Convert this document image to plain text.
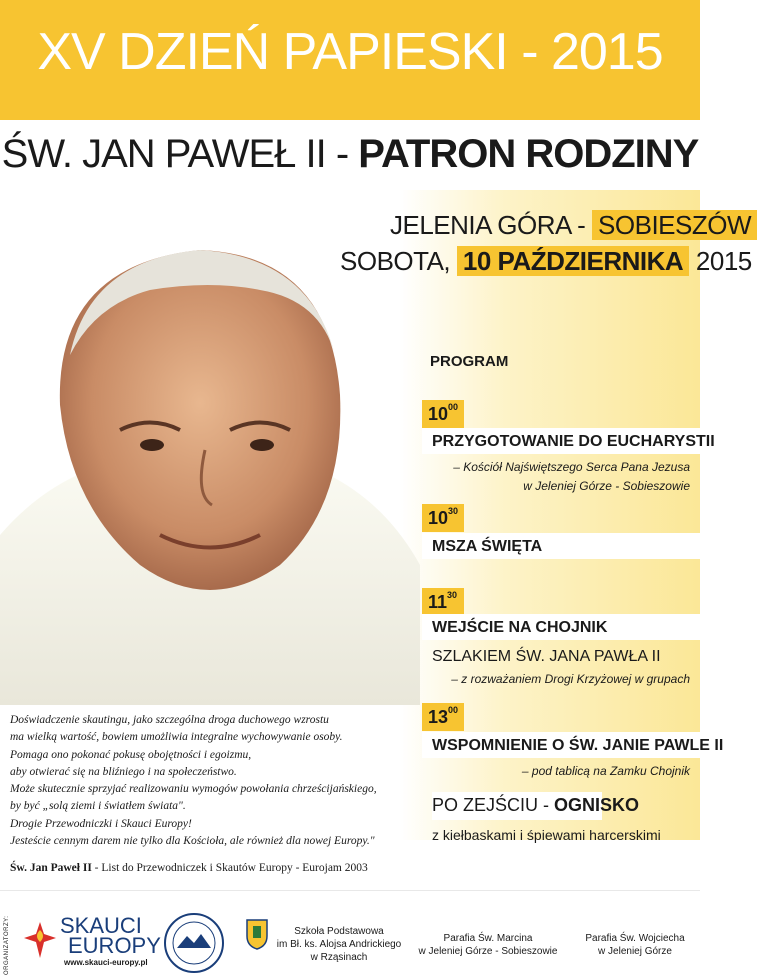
XV DZIEŃ PAPIESKI - 2015
ŚW. JAN PAWEŁ II - PATRON RODZINY
JELENIA GÓRA - SOBIESZÓW
SOBOTA, 10 PAŹDZIERNIKA 2015
PROGRAM
$10^{00}$
PRZYGOTOWANIE DO EUCHARYSTII
– Kościół Najświętszego Serca Pana Jezusa
w Jeleniej Górze - Sobieszowie
$10^{30}$
MSZA ŚWIĘTA
$11^{30}$
WEJŚCIE NA CHOJNIK
SZLAKIEM ŚW. JANA PAWŁA II
– z rozważaniem Drogi Krzyżowej w grupach
$13^{00}$
WSPOMNIENIE O ŚW. JANIE PAWLE II
– pod tablicą na Zamku Chojnik
PO ZEJŚCIU - OGNISKO
z kiełbaskami i śpiewami harcerskimi

Doświadczenie skautingu, jako szczególna droga duchowego wzrostu

ma wielką wartość, bowiem umożliwia integralne wychowywanie osoby.

Pomaga ono pokonać pokusę obojętności i egoizmu,

aby otwierać się na bliźniego i na społeczeństwo.

Może skutecznie sprzyjać realizowaniu wymogów powołania chrześcijańskiego,

by być „solą ziemi i światłem świata".

Drogie Przewodniczki i Skauci Europy!

Jesteście cennym darem nie tylko dla Kościoła, ale również dla nowej Europy."

Św. Jan Paweł II - List do Przewodniczek i Skautów Europy - Eurojam 2003
ORGANIZATORZY: SKAUCI
EUROPY
www.skauci-europy.pl
Szkoła Podstawowa
im Bł. ks. Alojsa Andrickiego
w Rząsinach
Parafia Św. Marcina
w Jeleniej Górze - Sobieszowie
Parafia Św. Wojciecha
w Jeleniej Górze
